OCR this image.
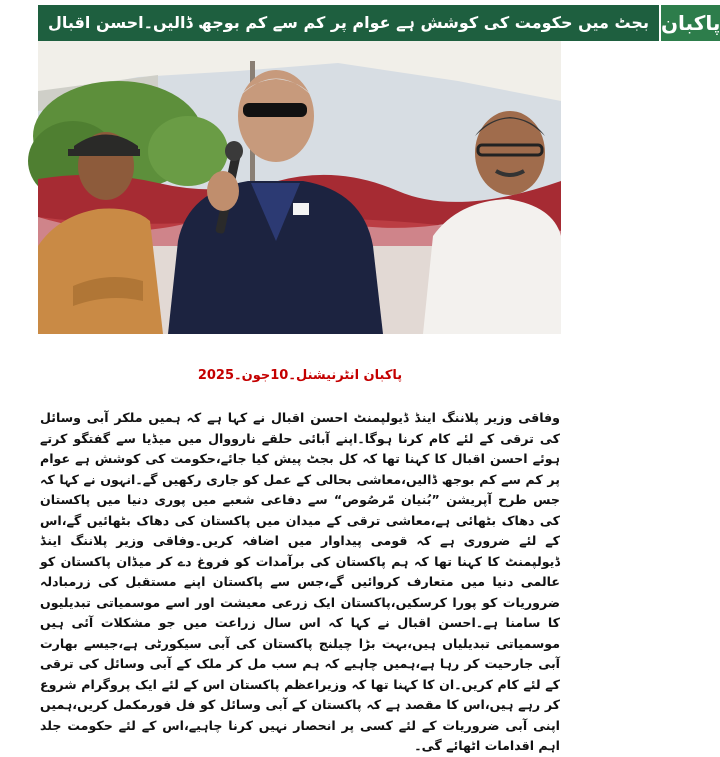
بجٹ میں حکومت کی کوشش ہے عوام پر کم سے کم بوجھ ڈالیں۔احسن اقبال پاکبان
پاکبان انٹرنیشنل۔10جون۔2025

وفاقی وزیر پلاننگ اینڈ ڈیولپمنٹ احسن اقبال نے کہا ہے کہ ہمیں ملکر آبی وسائل کی ترقی کے لئے کام کرنا ہوگا۔اپنے آبائی حلقے نارووال میں میڈیا سے گفتگو کرتے ہوئے احسن اقبال کا کہنا تھا کہ کل بجٹ پیش کیا جائے،حکومت کی کوشش ہے عوام پر کم سے کم بوجھ ڈالیں،معاشی بحالی کے عمل کو جاری رکھیں گے۔انہوں نے کہا کہ جس طرح آپریشن ”بُنیان مّرصُوص“ سے دفاعی شعبے میں پوری دنیا میں پاکستان کی دھاک بٹھائی ہے،معاشی ترقی کے میدان میں پاکستان کی دھاک بٹھائیں گے،اس کے لئے ضروری ہے کہ قومی پیداوار میں اضافہ کریں۔وفاقی وزیر پلاننگ اینڈ ڈیولپمنٹ کا کہنا تھا کہ ہم پاکستان کی برآمدات کو فروغ دے کر میڈان پاکستان کو عالمی دنیا میں متعارف کروائیں گے،جس سے پاکستان اپنے مستقبل کی زرمبادلہ ضروریات کو پورا کرسکیں،پاکستان ایک زرعی معیشت اور اسے موسمیاتی تبدیلیوں کا سامنا ہے۔احسن اقبال نے کہا کہ اس سال زراعت میں جو مشکلات آئی ہیں موسمیاتی تبدیلیاں ہیں،بہت بڑا چیلنج پاکستان کی آبی سیکورٹی ہے،جیسے بھارت آبی جارحیت کر رہا ہے،ہمیں چاہیے کہ ہم سب مل کر ملک کے آبی وسائل کی ترقی کے لئے کام کریں۔ان کا کہنا تھا کہ وزیراعظم پاکستان اس کے لئے ایک پروگرام شروع کر رہے ہیں،اس کا مقصد ہے کہ پاکستان کے آبی وسائل کو فل فورمکمل کریں،ہمیں اپنی آبی ضروریات کے لئے کسی پر انحصار نہیں کرنا چاہیے،اس کے لئے حکومت جلد اہم اقدامات اٹھائے گی۔
